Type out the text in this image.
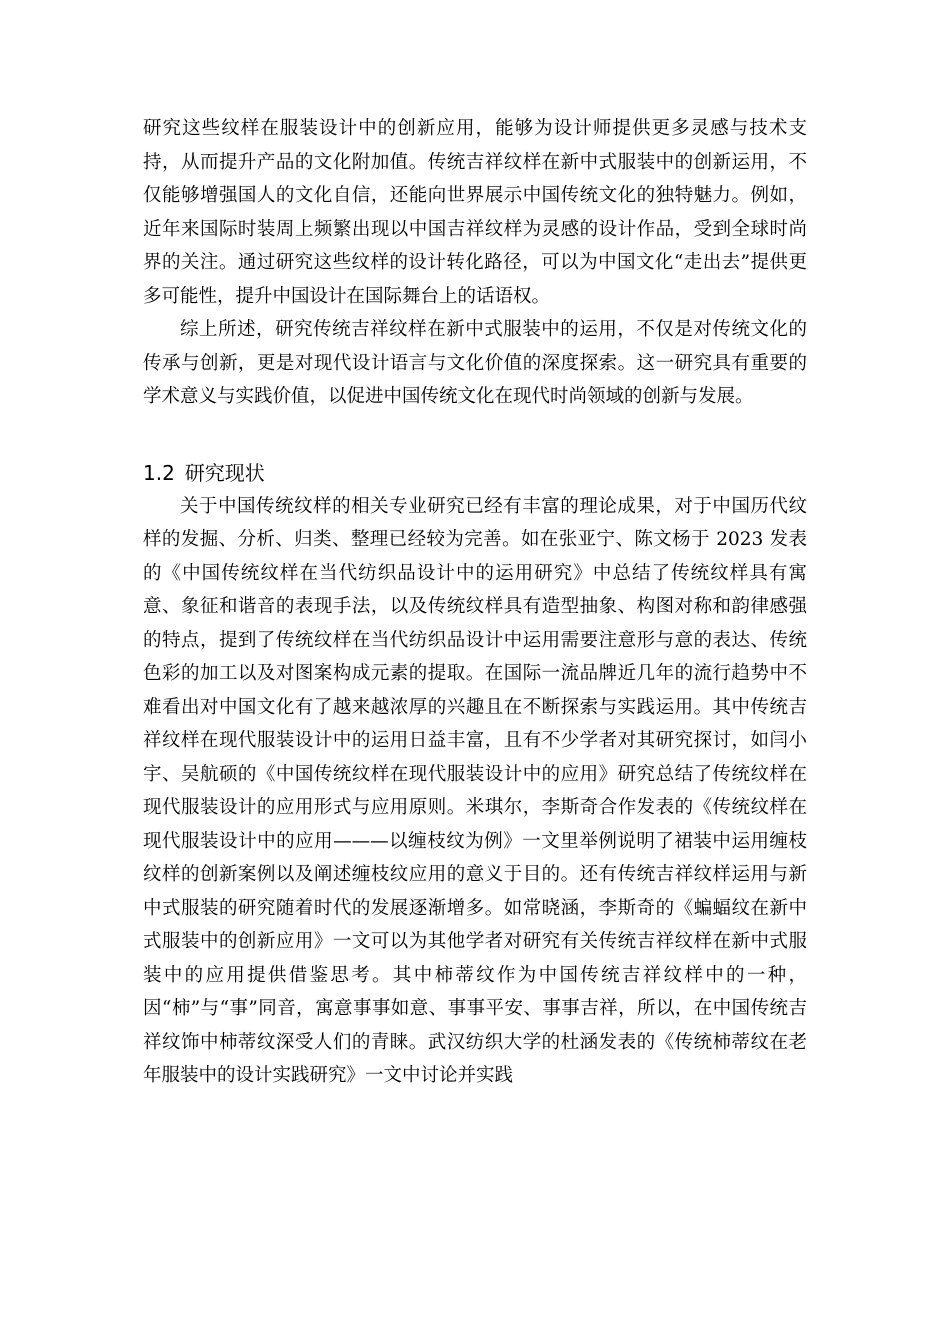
研究这些纹样在服装设计中的创新应用，能够为设计师提供更多灵感与技术支持，从而提升产品的文化附加值。传统吉祥纹样在新中式服装中的创新运用，不仅能够增强国人的文化自信，还能向世界展示中国传统文化的独特魅力。例如，近年来国际时装周上频繁出现以中国吉祥纹样为灵感的设计作品，受到全球时尚界的关注。通过研究这些纹样的设计转化路径，可以为中国文化“走出去”提供更多可能性，提升中国设计在国际舞台上的话语权。

综上所述，研究传统吉祥纹样在新中式服装中的运用，不仅是对传统文化的传承与创新，更是对现代设计语言与文化价值的深度探索。这一研究具有重要的学术意义与实践价值，以促进中国传统文化在现代时尚领域的创新与发展。

1.2 研究现状

关于中国传统纹样的相关专业研究已经有丰富的理论成果，对于中国历代纹样的发掘、分析、归类、整理已经较为完善。如在张亚宁、陈文杨于 2023 发表的《中国传统纹样在当代纺织品设计中的运用研究》中总结了传统纹样具有寓意、象征和谐音的表现手法，以及传统纹样具有造型抽象、构图对称和韵律感强的特点，提到了传统纹样在当代纺织品设计中运用需要注意形与意的表达、传统色彩的加工以及对图案构成元素的提取。在国际一流品牌近几年的流行趋势中不难看出对中国文化有了越来越浓厚的兴趣且在不断探索与实践运用。其中传统吉祥纹样在现代服装设计中的运用日益丰富，且有不少学者对其研究探讨，如闫小宇、吴航硕的《中国传统纹样在现代服装设计中的应用》研究总结了传统纹样在现代服装设计的应用形式与应用原则。米琪尔，李斯奇合作发表的《传统纹样在现代服装设计中的应用———以缠枝纹为例》一文里举例说明了裙装中运用缠枝纹样的创新案例以及阐述缠枝纹应用的意义于目的。还有传统吉祥纹样运用与新中式服装的研究随着时代的发展逐渐增多。如常晓涵，李斯奇的《蝙蝠纹在新中式服装中的创新应用》一文可以为其他学者对研究有关传统吉祥纹样在新中式服装中的应用提供借鉴思考。其中柿蒂纹作为中国传统吉祥纹样中的一种，因“柿”与“事”同音，寓意事事如意、事事平安、事事吉祥，所以，在中国传统吉祥纹饰中柿蒂纹深受人们的青睐。武汉纺织大学的杜涵发表的《传统柿蒂纹在老年服装中的设计实践研究》一文中讨论并实践
